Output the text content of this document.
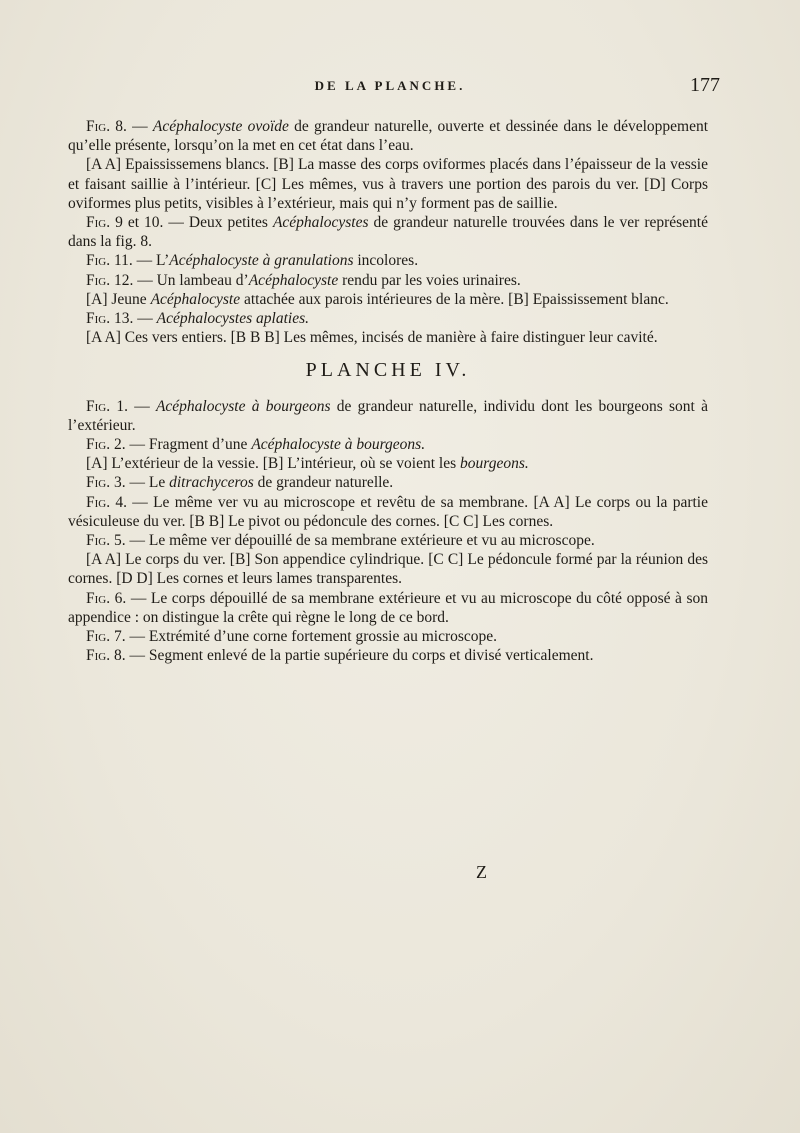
DE LA PLANCHE.	177

Fig. 8. — Acéphalocyste ovoïde de grandeur naturelle, ouverte et dessinée dans le développement qu’elle présente, lorsqu’on la met en cet état dans l’eau.

[A A] Epaississemens blancs. [B] La masse des corps oviformes placés dans l’épaisseur de la vessie et faisant saillie à l’intérieur. [C] Les mêmes, vus à travers une portion des parois du ver. [D] Corps oviformes plus petits, visibles à l’extérieur, mais qui n’y forment pas de saillie.

Fig. 9 et 10. — Deux petites Acéphalocystes de grandeur naturelle trouvées dans le ver représenté dans la fig. 8.

Fig. 11. — L’Acéphalocyste à granulations incolores.

Fig. 12. — Un lambeau d’Acéphalocyste rendu par les voies urinaires.

[A] Jeune Acéphalocyste attachée aux parois intérieures de la mère. [B] Epaississement blanc.

Fig. 13. — Acéphalocystes aplaties.

[A A] Ces vers entiers. [B B B] Les mêmes, incisés de manière à faire distinguer leur cavité.

PLANCHE IV.

Fig. 1. — Acéphalocyste à bourgeons de grandeur naturelle, individu dont les bourgeons sont à l’extérieur.

Fig. 2. — Fragment d’une Acéphalocyste à bourgeons.

[A] L’extérieur de la vessie. [B] L’intérieur, où se voient les bourgeons.

Fig. 3. — Le ditrachyceros de grandeur naturelle.

Fig. 4. — Le même ver vu au microscope et revêtu de sa membrane. [A A] Le corps ou la partie vésiculeuse du ver. [B B] Le pivot ou pédoncule des cornes. [C C] Les cornes.

Fig. 5. — Le même ver dépouillé de sa membrane extérieure et vu au microscope.

[A A] Le corps du ver. [B] Son appendice cylindrique. [C C] Le pédoncule formé par la réunion des cornes. [D D] Les cornes et leurs lames transparentes.

Fig. 6. — Le corps dépouillé de sa membrane extérieure et vu au microscope du côté opposé à son appendice : on distingue la crête qui règne le long de ce bord.

Fig. 7. — Extrémité d’une corne fortement grossie au microscope.

Fig. 8. — Segment enlevé de la partie supérieure du corps et divisé verticalement.

Z
